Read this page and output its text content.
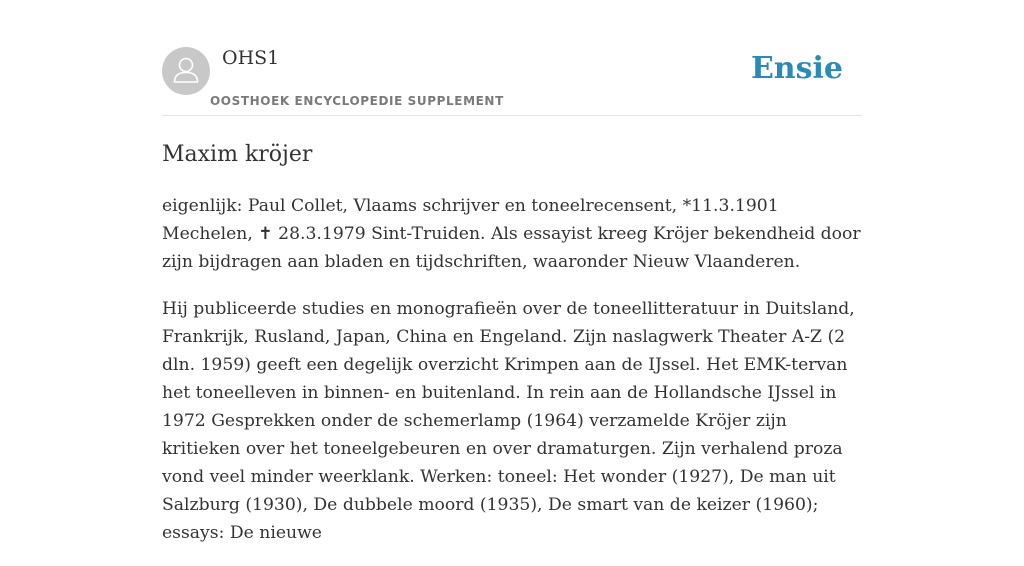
OHS1
OOSTHOEK ENCYCLOPEDIE SUPPLEMENT
Ensie
Maxim kröjer

eigenlijk: Paul Collet, Vlaams schrijver en toneelrecensent, *11.3.1901 Mechelen, ✝ 28.3.1979 Sint-Truiden. Als essayist kreeg Kröjer bekendheid door zijn bijdragen aan bladen en tijdschriften, waaronder Nieuw Vlaanderen.

Hij publiceerde studies en monografieën over de toneellitteratuur in Duitsland, Frankrijk, Rusland, Japan, China en Engeland. Zijn naslagwerk Theater A-Z (2 dln. 1959) geeft een degelijk overzicht Krimpen aan de IJssel. Het EMK-tervan het toneelleven in binnen- en buitenland. In rein aan de Hollandsche IJssel in 1972 Gesprekken onder de schemerlamp (1964) verzamelde Kröjer zijn kritieken over het toneelgebeuren en over dramaturgen. Zijn verhalend proza vond veel minder weerklank. Werken: toneel: Het wonder (1927), De man uit Salzburg (1930), De dubbele moord (1935), De smart van de keizer (1960); essays: De nieuwe
